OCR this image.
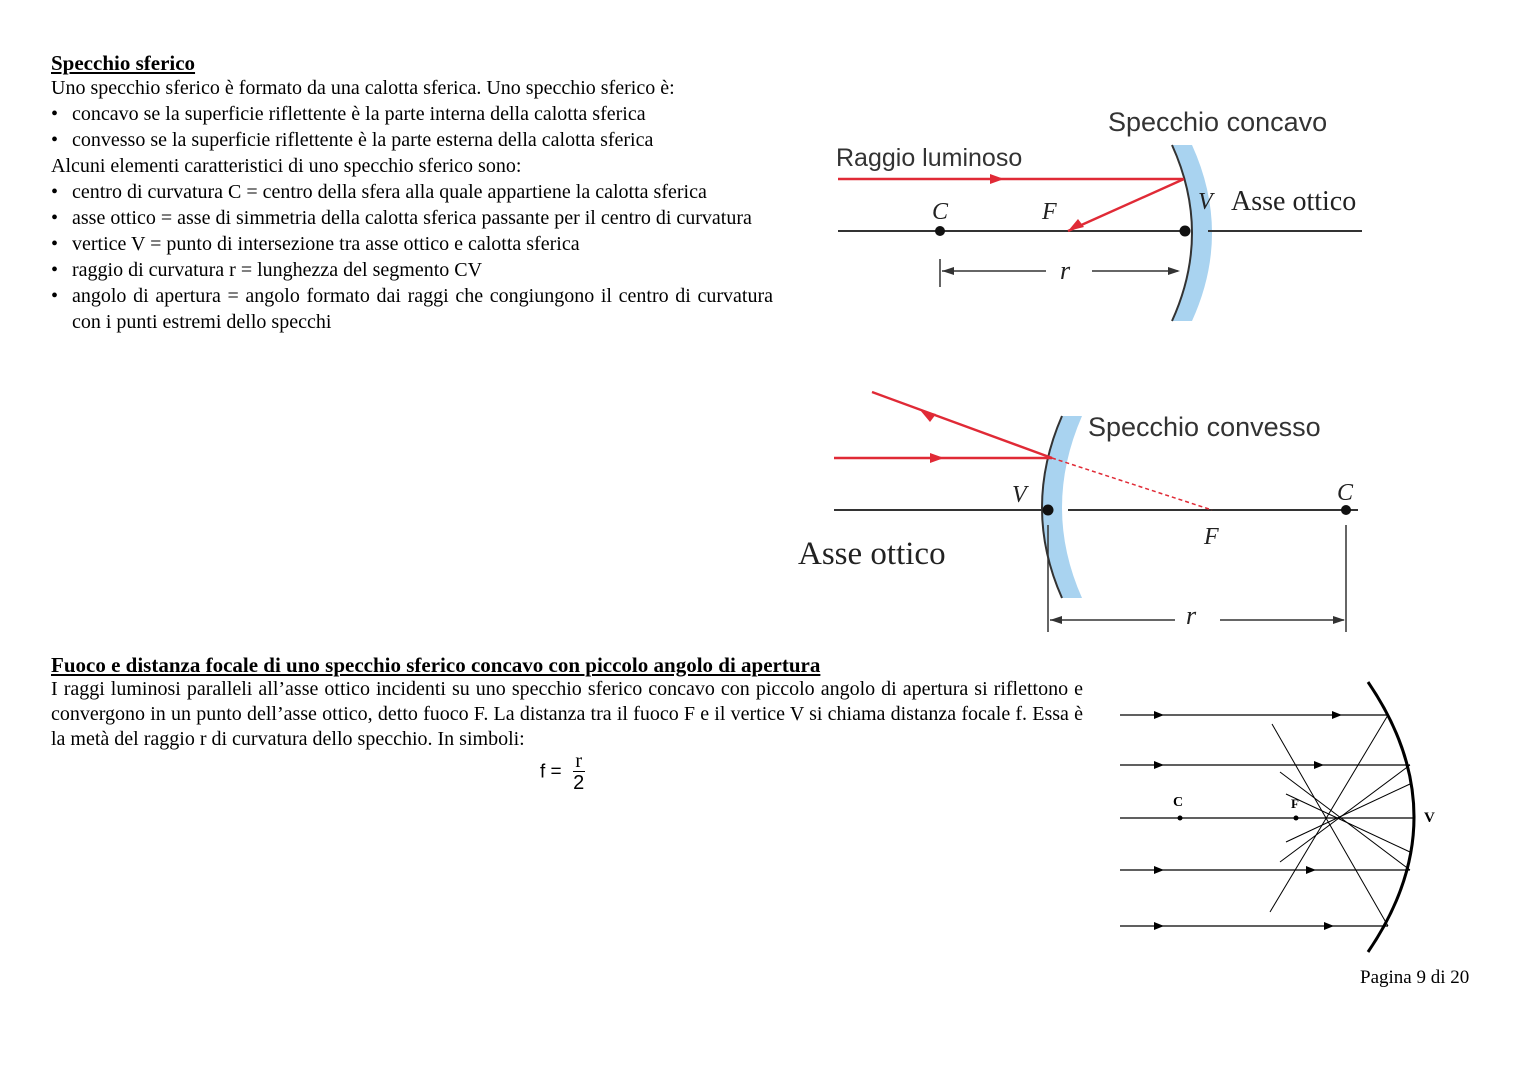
Specchio sferico
Uno specchio sferico è formato da una calotta sferica. Uno specchio sferico è:
• concavo se la superficie riflettente è la parte interna della calotta sferica
• convesso se la superficie riflettente è la parte esterna della calotta sferica
Alcuni elementi caratteristici di uno specchio sferico sono:
• centro di curvatura C = centro della sfera alla quale appartiene la calotta sferica
• asse ottico = asse di simmetria della calotta sferica passante per il centro di curvatura
• vertice V = punto di intersezione tra asse ottico e calotta sferica
• raggio di curvatura r = lunghezza del segmento CV
• angolo di apertura = angolo formato dai raggi che congiungono il centro di curvatura con i punti estremi dello specchi
Specchio concavo
Raggio luminoso
Asse ottico
C	F	V
r
Specchio convesso
Asse ottico
V	C
F
r
Fuoco e distanza focale di uno specchio sferico concavo con piccolo angolo di apertura
I raggi luminosi paralleli all’asse ottico incidenti su uno specchio sferico concavo con piccolo angolo di apertura si riflettono e convergono in un punto dell’asse ottico, detto fuoco F. La distanza tra il fuoco F e il vertice V si chiama distanza focale f. Essa è la metà del raggio r di curvatura dello specchio. In simboli:
$f = \frac{r}{2}$
C	F
V
Pagina 9 di 20
